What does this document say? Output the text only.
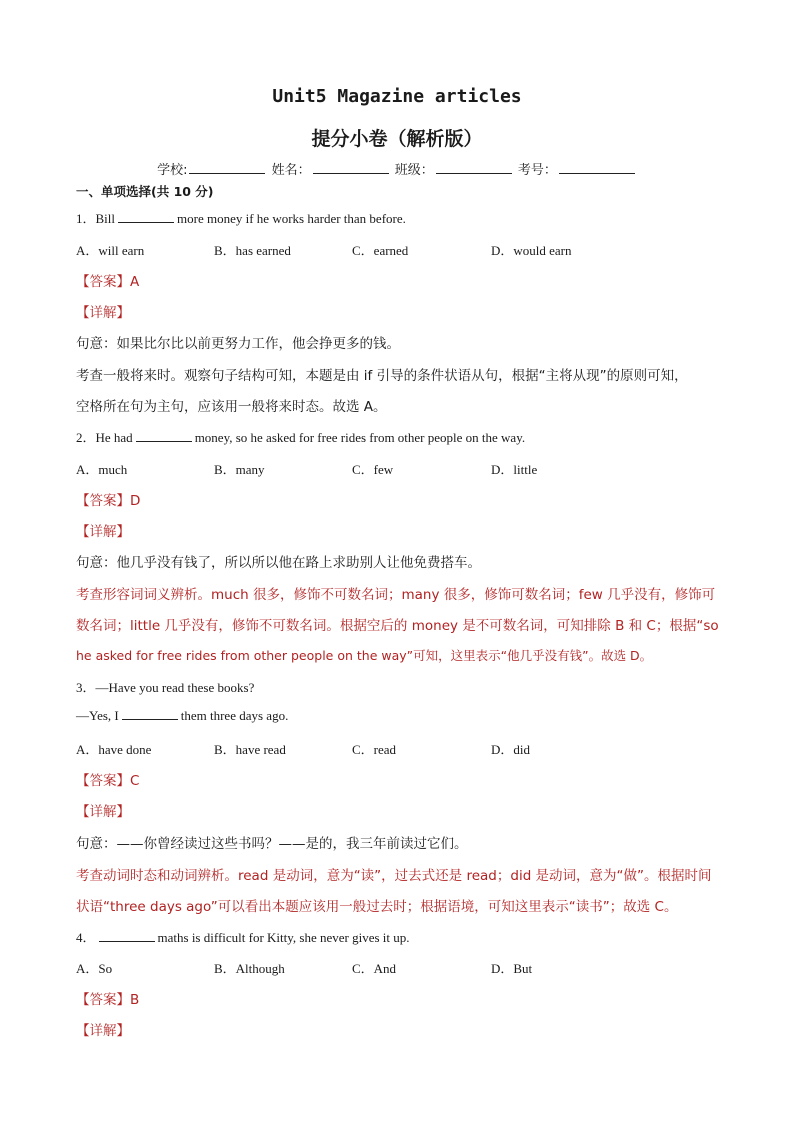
Unit5 Magazine articles
提分小卷（解析版）
学校:	姓名：	班级：	考号：
一、单项选择(共 10 分)
1．Bill	more money if he works harder than before.
A．will earn	B．has earned	C．earned	D．would earn
【答案】A
【详解】
句意：如果比尔比以前更努力工作，他会挣更多的钱。
考查一般将来时。观察句子结构可知，本题是由 if 引导的条件状语从句，根据“主将从现”的原则可知，
空格所在句为主句，应该用一般将来时态。故选 A。
2．He had	money, so he asked for free rides from other people on the way.
A．much	B．many	C．few	D．little
【答案】D
【详解】
句意：他几乎没有钱了，所以所以他在路上求助别人让他免费搭车。
考查形容词词义辨析。much 很多，修饰不可数名词；many 很多，修饰可数名词；few 几乎没有，修饰可
数名词；little 几乎没有，修饰不可数名词。根据空后的 money 是不可数名词，可知排除 B 和 C；根据“so
he asked for free rides from other people on the way”可知，这里表示“他几乎没有钱”。故选 D。
3．—Have you read these books?
—Yes, I	them three days ago.
A．have done	B．have read	C．read	D．did
【答案】C
【详解】
句意：——你曾经读过这些书吗？——是的，我三年前读过它们。
考查动词时态和动词辨析。read 是动词，意为“读”，过去式还是 read；did 是动词，意为“做”。根据时间
状语“three days ago”可以看出本题应该用一般过去时；根据语境，可知这里表示“读书”；故选 C。
4．	maths is difficult for Kitty, she never gives it up.
A．So	B．Although	C．And	D．But
【答案】B
【详解】
